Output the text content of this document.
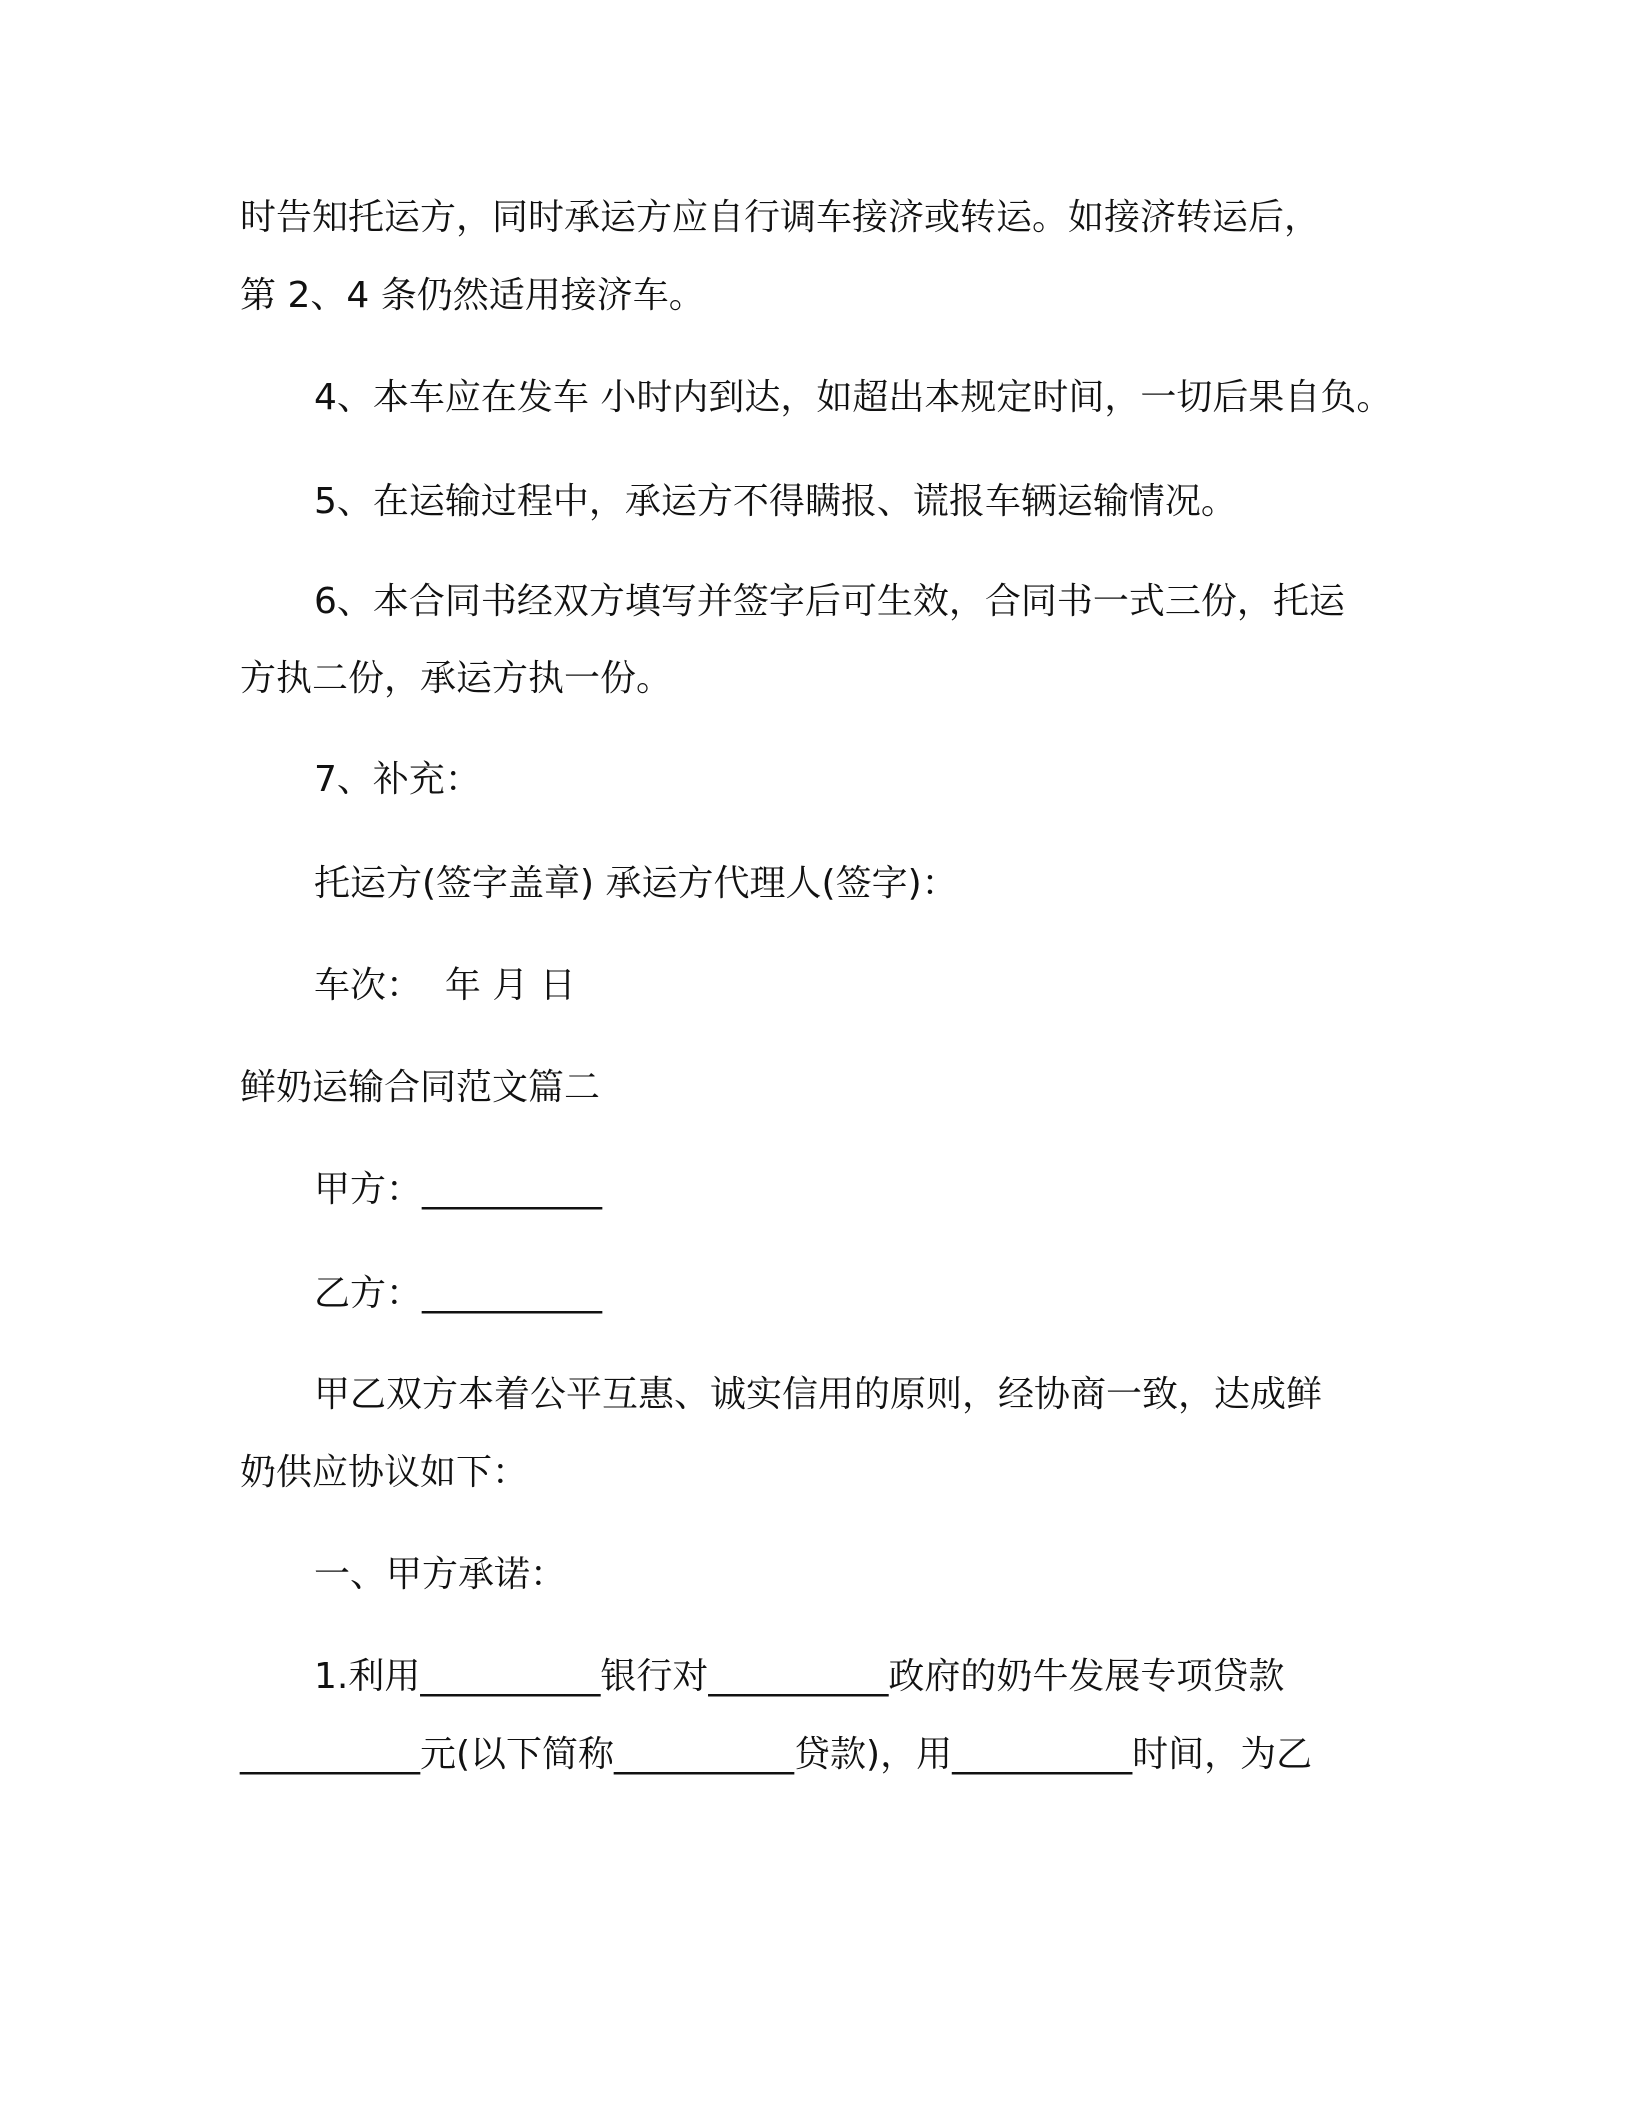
时告知托运方，同时承运方应自行调车接济或转运。如接济转运后，

第 2、4 条仍然适用接济车。

4、本车应在发车 小时内到达，如超出本规定时间，一切后果自负。

5、在运输过程中，承运方不得瞒报、谎报车辆运输情况。

6、本合同书经双方填写并签字后可生效，合同书一式三份，托运

方执二份，承运方执一份。

7、补充：

托运方(签字盖章) 承运方代理人(签字)：

车次：  年 月 日

鲜奶运输合同范文篇二

甲方：__________

乙方：__________

甲乙双方本着公平互惠、诚实信用的原则，经协商一致，达成鲜

奶供应协议如下：

一、甲方承诺：

1.利用__________银行对__________政府的奶牛发展专项贷款

__________元(以下简称__________贷款)，用__________时间，为乙
